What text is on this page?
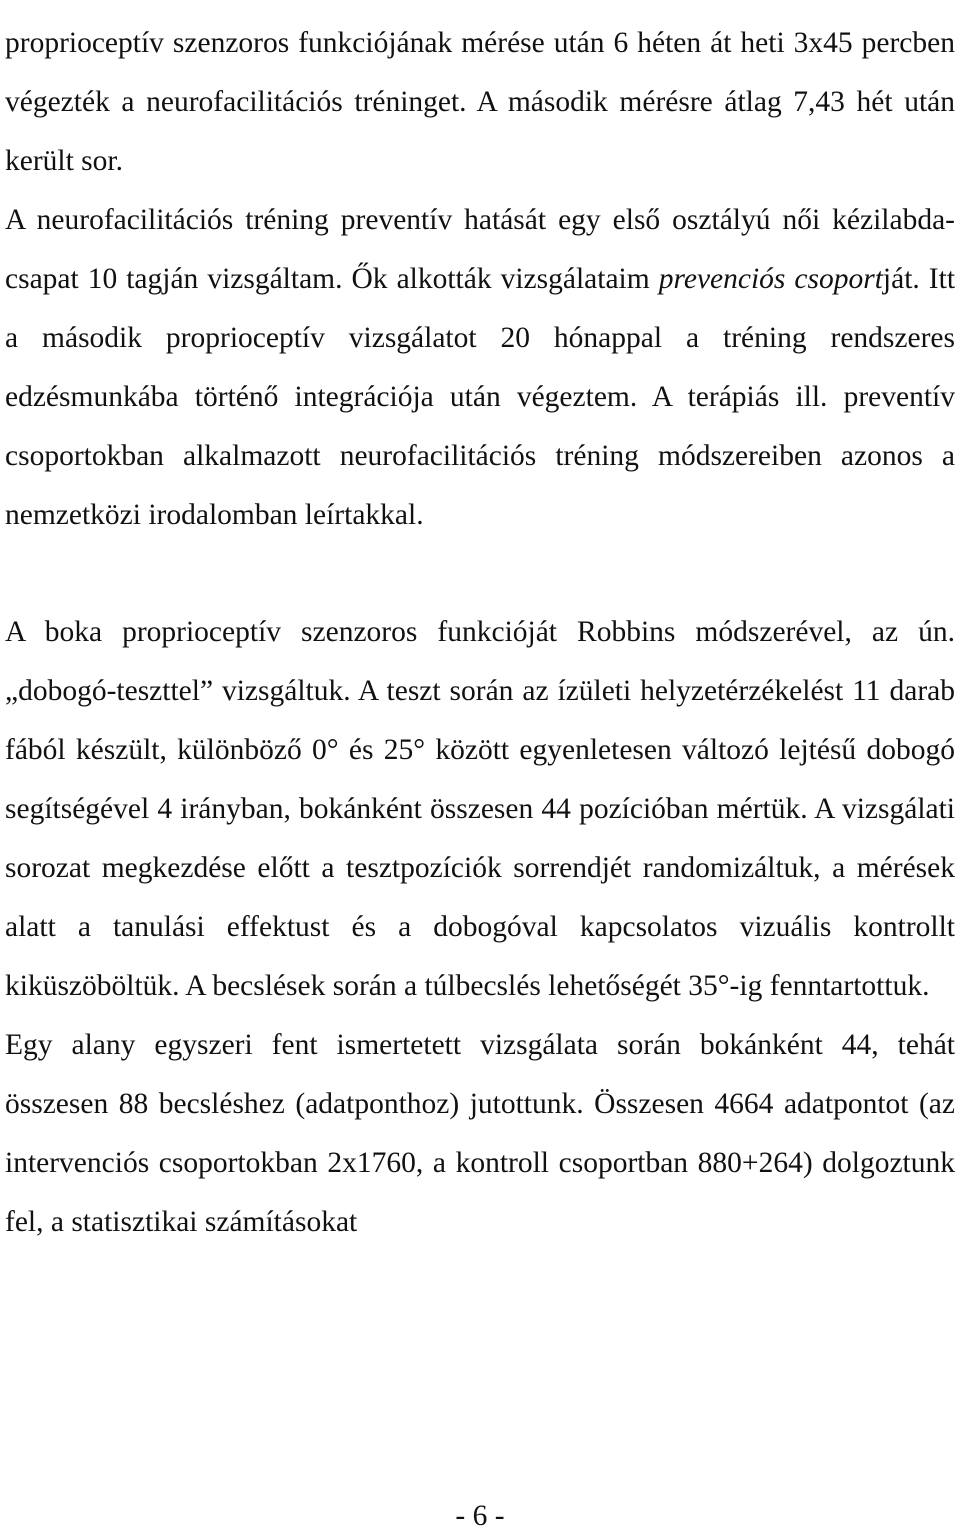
proprioceptív szenzoros funkciójának mérése után 6 héten át heti 3x45 percben végezték a neurofacilitációs tréninget. A második mérésre átlag 7,43 hét után került sor.

A neurofacilitációs tréning preventív hatását egy első osztályú női kézilabda-csapat 10 tagján vizsgáltam. Ők alkották vizsgálataim prevenciós csoportját. Itt a második proprioceptív vizsgálatot 20 hónappal a tréning rendszeres edzésmunkába történő integrációja után végeztem. A terápiás ill. preventív csoportokban alkalmazott neurofacilitációs tréning módszereiben azonos a nemzetközi irodalomban leírtakkal.

A boka proprioceptív szenzoros funkcióját Robbins módszerével, az ún. „dobogó-teszttel” vizsgáltuk. A teszt során az ízületi helyzetérzékelést 11 darab fából készült, különböző 0° és 25° között egyenletesen változó lejtésű dobogó segítségével 4 irányban, bokánként összesen 44 pozícióban mértük. A vizsgálati sorozat megkezdése előtt a tesztpozíciók sorrendjét randomizáltuk, a mérések alatt a tanulási effektust és a dobogóval kapcsolatos vizuális kontrollt kiküszöböltük. A becslések során a túlbecslés lehetőségét 35°-ig fenntartottuk.

Egy alany egyszeri fent ismertetett vizsgálata során bokánként 44, tehát összesen 88 becsléshez (adatponthoz) jutottunk. Összesen 4664 adatpontot (az intervenciós csoportokban 2x1760, a kontroll csoportban 880+264) dolgoztunk fel, a statisztikai számításokat

- 6 -
